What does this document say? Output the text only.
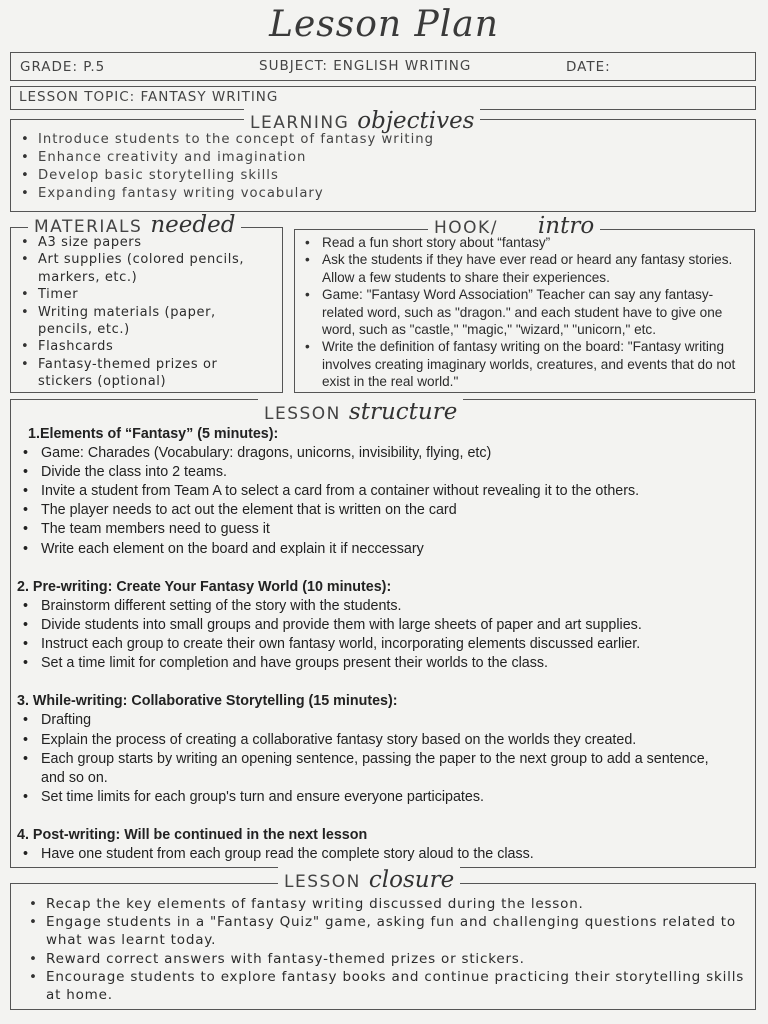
Lesson Plan
GRADE: P.5	SUBJECT: ENGLISH WRITING	DATE:
LESSON TOPIC: FANTASY WRITING
LEARNING objectives
• Introduce students to the concept of fantasy writing
• Enhance creativity and imagination
• Develop basic storytelling skills
• Expanding fantasy writing vocabulary
MATERIALS needed
• A3 size papers
• Art supplies (colored pencils, markers, etc.)
• Timer
• Writing materials (paper, pencils, etc.)
• Flashcards
• Fantasy-themed prizes or stickers (optional)
HOOK/ intro
• Read a fun short story about “fantasy”
• Ask the students if they have ever read or heard any fantasy stories. Allow a few students to share their experiences.
• Game: "Fantasy Word Association” Teacher can say any fantasy-related word, such as "dragon." and each student have to give one word, such as "castle," "magic," "wizard," "unicorn," etc.
• Write the definition of fantasy writing on the board: "Fantasy writing involves creating imaginary worlds, creatures, and events that do not exist in the real world."
LESSON structure
1.Elements of “Fantasy” (5 minutes):
• Game: Charades (Vocabulary: dragons, unicorns, invisibility, flying, etc)
• Divide the class into 2 teams.
• Invite a student from Team A to select a card from a container without revealing it to the others.
• The player needs to act out the element that is written on the card
• The team members need to guess it
• Write each element on the board and explain it if neccessary
2. Pre-writing: Create Your Fantasy World (10 minutes):
• Brainstorm different setting of the story with the students.
• Divide students into small groups and provide them with large sheets of paper and art supplies.
• Instruct each group to create their own fantasy world, incorporating elements discussed earlier.
• Set a time limit for completion and have groups present their worlds to the class.
3. While-writing: Collaborative Storytelling (15 minutes):
• Drafting
• Explain the process of creating a collaborative fantasy story based on the worlds they created.
• Each group starts by writing an opening sentence, passing the paper to the next group to add a sentence, and so on.
• Set time limits for each group's turn and ensure everyone participates.
4. Post-writing: Will be continued in the next lesson
• Have one student from each group read the complete story aloud to the class.
LESSON closure
• Recap the key elements of fantasy writing discussed during the lesson.
• Engage students in a "Fantasy Quiz" game, asking fun and challenging questions related to what was learnt today.
• Reward correct answers with fantasy-themed prizes or stickers.
• Encourage students to explore fantasy books and continue practicing their storytelling skills at home.
